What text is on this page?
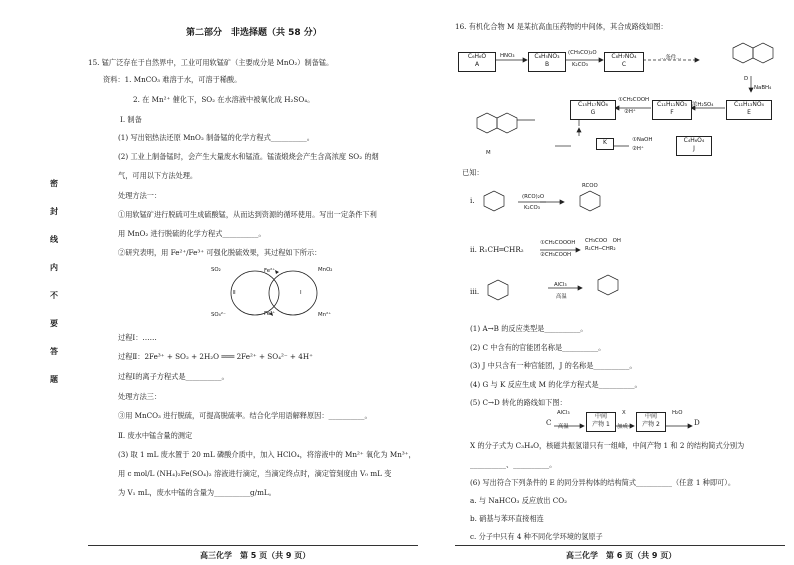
第二部分　非选择题（共 58 分）
15. 锰广泛存在于自然界中，工业可用软锰矿（主要成分是 MnO₂）制备锰。
资料：1. MnCO₃ 难溶于水，可溶于稀酸。
2. 在 Mn²⁺ 催化下，SO₂ 在水溶液中被氧化成 H₂SO₄。
Ⅰ. 制备
(1) 写出铝热法还原 MnO₂ 制备锰的化学方程式__________。
(2) 工业上制备锰时，会产生大量废水和锰渣。锰渣煅烧会产生含高浓度 SO₂ 的烟
气，可用以下方法处理。
处理方法一：
①用软锰矿进行脱硫可生成硫酸锰，从而达到资源的循环使用。写出一定条件下利
用 MnO₂ 进行脱硫的化学方程式__________。
②研究表明，用 Fe²⁺/Fe³⁺ 可强化脱硫效果，其过程如下所示：
SO₂
SO₄²⁻
MnO₂
Mn²⁺
Fe²⁺
Fe³⁺
Ⅱ	Ⅰ
过程Ⅰ：……
过程Ⅱ：2Fe³⁺ + SO₂ + 2H₂O ═══ 2Fe²⁺ + SO₄²⁻ + 4H⁺
过程Ⅰ的离子方程式是__________。
处理方法三：
③用 MnCO₃ 进行脱硫，可提高脱硫率。结合化学用语解释原因：__________。
Ⅱ. 废水中锰含量的测定
(3) 取 1 mL 废水置于 20 mL 磷酸介质中，加入 HClO₄，将溶液中的 Mn²⁺ 氧化为 Mn³⁺，
用 c mol/L (NH₄)₂Fe(SO₄)₂ 溶液进行滴定，当滴定终点时，滴定管刻度由 V₀ mL 变
为 V₁ mL，废水中锰的含量为__________g/mL。
高三化学　第 5 页（共 9 页）
密
封
线
内
不
要
答
题
16. 有机化合物 M 是某抗高血压药物的中间体，其合成路线如图：
C₆H₆O
A
C₆H₅NO₃
B
C₈H₇NO₄
C
HNO₃	(CH₃CO)₂O
K₂CO₃
…条件…
D
NaBH₄
C₁₁H₁₃NO₄
E
浓H₂SO₄
C₁₁H₁₁NO₃
F
①CH₂COOH
②H⁺
C₁₅H₁₇NO₆
G
K	①NaOH
②H⁺
C₄H₆O₄
J
M
已知：
ⅰ.	(RCO)₂O
K₂CO₃
RCOO
ⅱ. R₁CH═CHR₂
①CH₂COOOH
②CH₃COOH
CH₃COO　OH
R₁CH─CHR₂
ⅲ.
AlCl₃
高温
(1) A→B 的反应类型是__________。
(2) C 中含有的官能团名称是__________。
(3) J 中只含有一种官能团，J 的名称是__________。
(4) G 与 K 反应生成 M 的化学方程式是__________。
(5) C→D 转化的路线如下图：
C
AlCl₃
高温
中间
产物 1
X
加成
中间
产物 2
H₂O
D
X 的分子式为 C₃H₄O，核磁共振氢谱只有一组峰，中间产物 1 和 2 的结构简式分别为
__________、__________。
(6) 写出符合下列条件的 E 的同分异构体的结构简式__________（任意 1 种即可）。
a. 与 NaHCO₃ 反应放出 CO₂
b. 硝基与苯环直接相连
c. 分子中只有 4 种不同化学环境的氢原子
高三化学　第 6 页（共 9 页）
